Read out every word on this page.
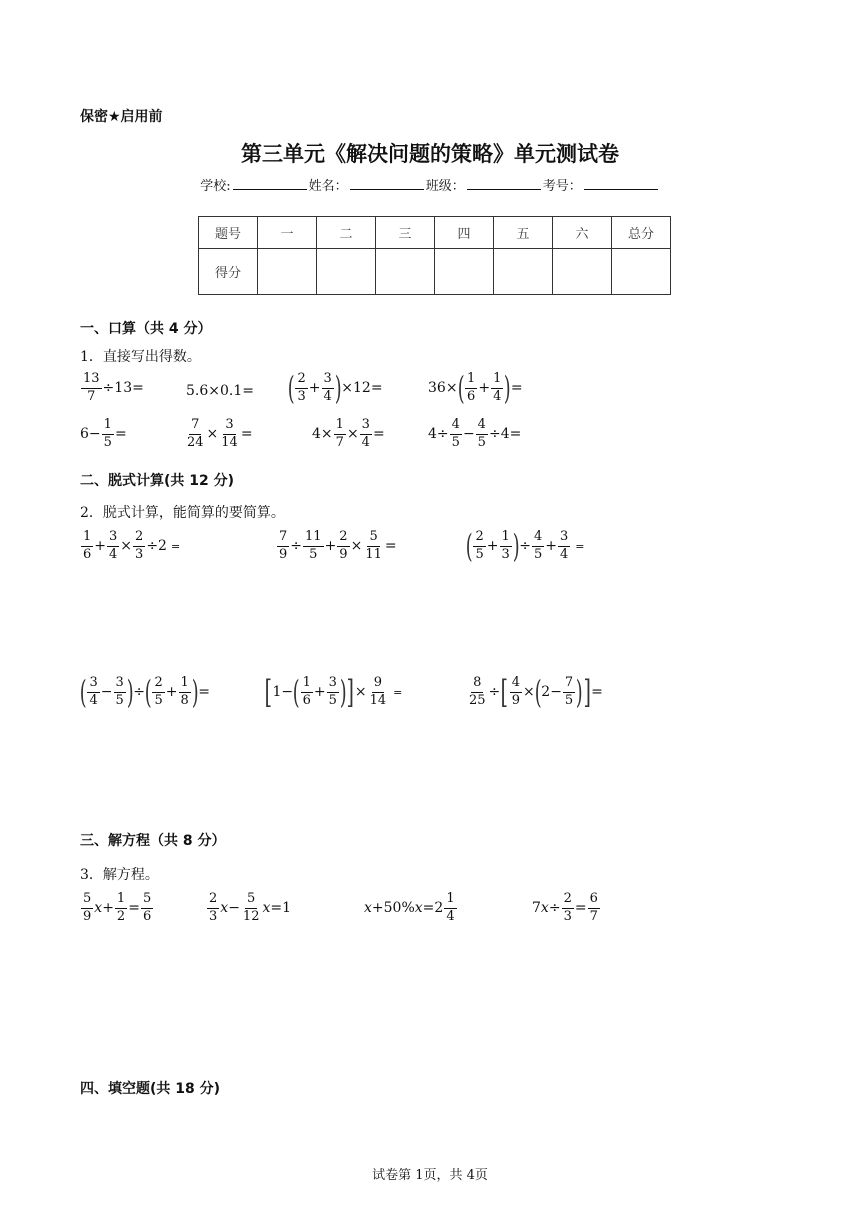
保密★启用前
第三单元《解决问题的策略》单元测试卷
学校:	姓名：	班级：	考号：
题号	一	二	三	四	五	六	总分
得分							
一、口算（共 4 分）
1．直接写出得数。
$\frac{13}{7} \div 13$ =	5.6 × 0.1 = ( $\frac{2}{3} + \frac{3}{4}$ ) × 12 =	36 × ( $\frac{1}{6} + \frac{1}{4}$ ) =
$6 - \frac{1}{5}$ =	$\frac{7}{24} \times \frac{3}{14}$ =	$4 \times \frac{1}{7} \times \frac{3}{4}$ =	$4 \div \frac{4}{5} - \frac{4}{5} \div 4$ =
二、脱式计算(共 12 分)
2．脱式计算，能简算的要简算。
$\frac{1}{6} + \frac{3}{4} \times \frac{2}{3} \div 2$ =	$\frac{7}{9} \div \frac{11}{5} + \frac{2}{9} \times \frac{5}{11}$ = ( $\frac{2}{5} + \frac{1}{3}$ ) ÷ $\frac{4}{5} + \frac{3}{4}$ =
( $\frac{3}{4} - \frac{3}{5}$ ) ÷ ( $\frac{2}{5} + \frac{1}{8}$ ) = [ 1 − ( $\frac{1}{6} + \frac{3}{5}$ ) ] × $\frac{9}{14}$ =	$\frac{8}{25}$ ÷ [ $\frac{4}{9}$ × ( $2 - \frac{7}{5}$ ) ] =
三、解方程（共 8 分）
3．解方程。
$\frac{5}{9}$ $x + \frac{1}{2} = \frac{5}{6}$	$\frac{2}{3}$ $x - \frac{5}{12}$ x = 1	x + 50% $x = 2 \frac{1}{4}$	7 $x \div \frac{2}{3} = \frac{6}{7}$
四、填空题(共 18 分)
试卷第 1页，共 4页
